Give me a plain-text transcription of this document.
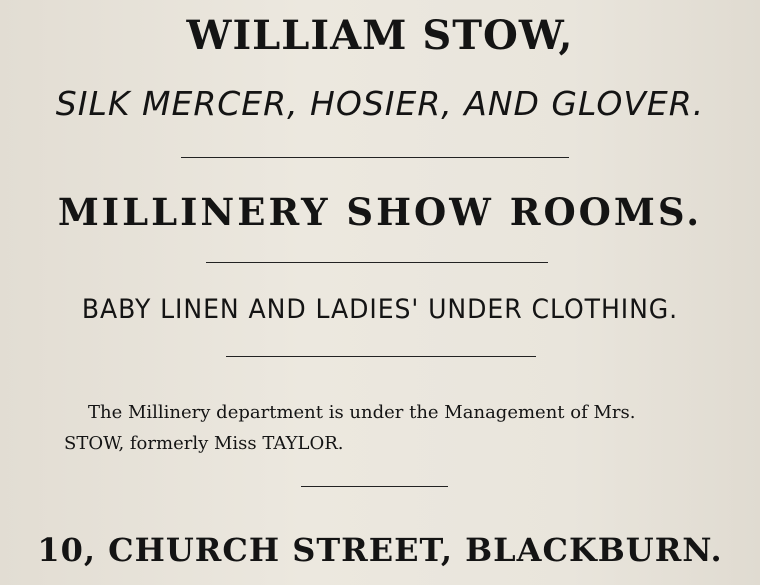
WILLIAM STOW,
SILK MERCER, HOSIER, AND GLOVER.
MILLINERY SHOW ROOMS.
BABY LINEN AND LADIES' UNDER CLOTHING.
The Millinery department is under the Management of Mrs.
STOW, formerly Miss TAYLOR.
10, CHURCH STREET, BLACKBURN.
